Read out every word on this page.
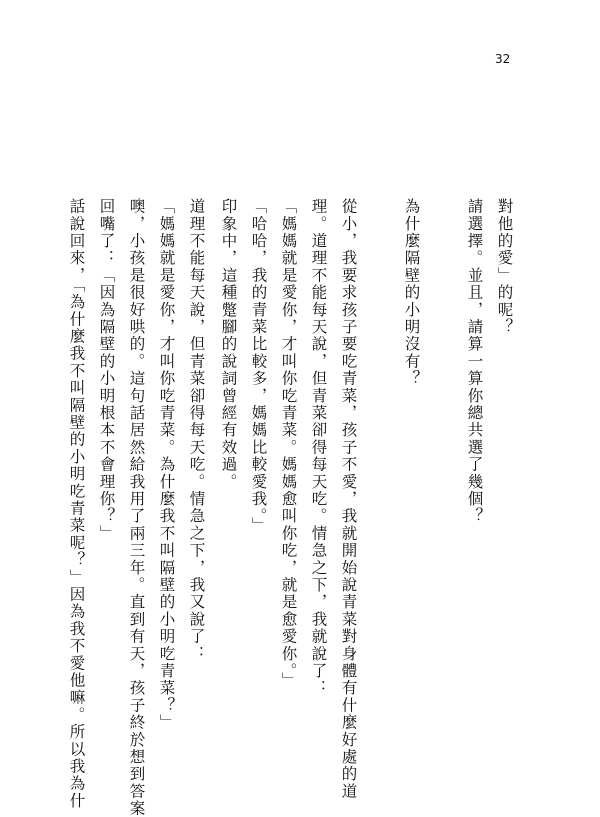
32
對他的愛」的呢？
請選擇。並且，請算一算你總共選了幾個？
為什麼隔壁的小明沒有？
從小，我要求孩子要吃青菜，孩子不愛，我就開始說青菜對身體有什麼好處的道
理。道理不能每天說，但青菜卻得每天吃。情急之下，我就說了：
「媽媽就是愛你，才叫你吃青菜。媽媽愈叫你吃，就是愈愛你。」
「哈哈，我的青菜比較多，媽媽比較愛我。」
印象中，這種蹩腳的說詞曾經有效過。
道理不能每天說，但青菜卻得每天吃。情急之下，我又說了：
「媽媽就是愛你，才叫你吃青菜。為什麼我不叫隔壁的小明吃青菜？」
噢，小孩是很好哄的。這句話居然給我用了兩三年。直到有天，孩子終於想到答案
回嘴了：「因為隔壁的小明根本不會理你？」
話說回來，「為什麼我不叫隔壁的小明吃青菜呢？」因為我不愛他嘛。所以我為什
